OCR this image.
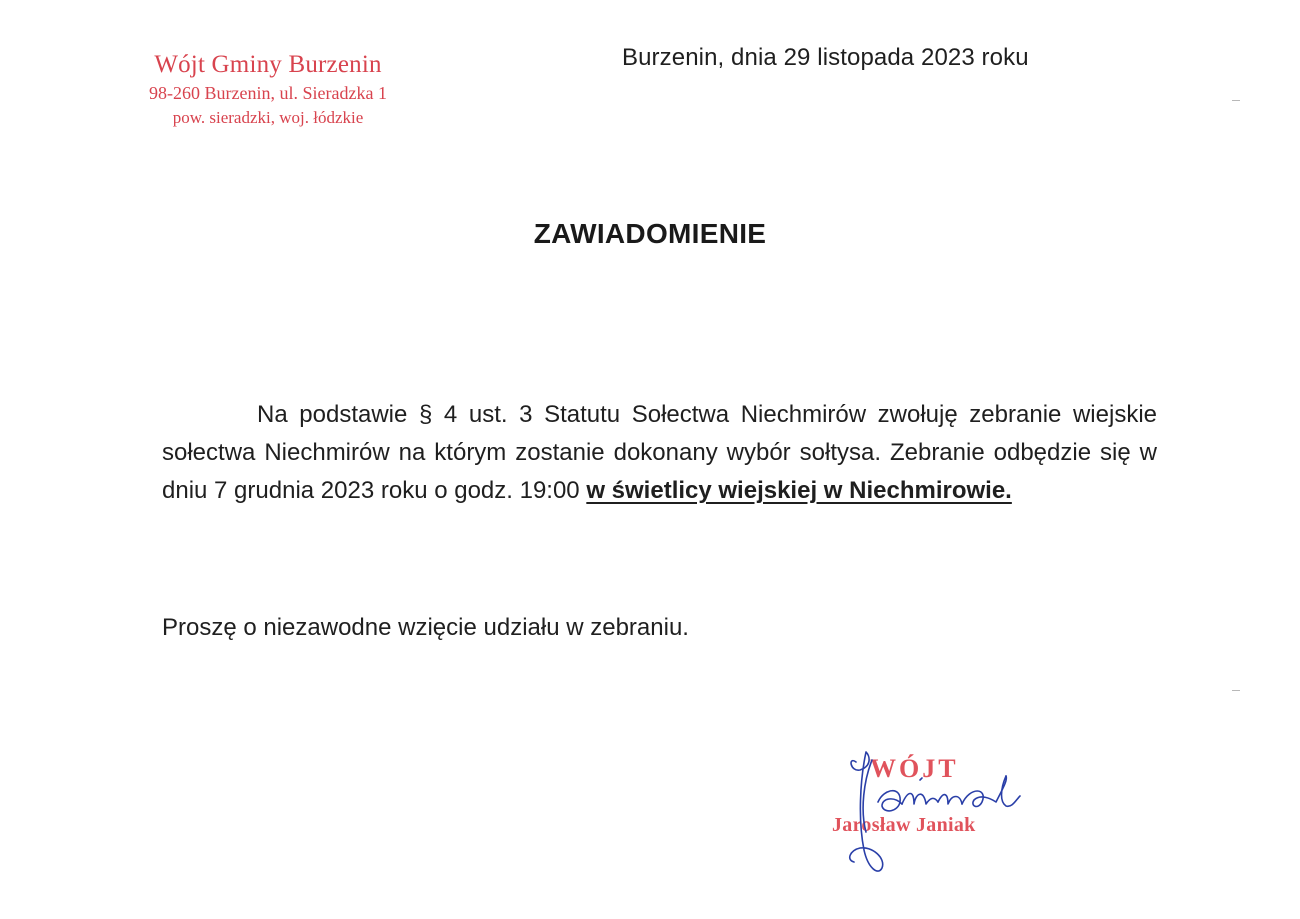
Wójt Gminy Burzenin
98-260 Burzenin, ul. Sieradzka 1
pow. sieradzki, woj. łódzkie
Burzenin, dnia 29 listopada 2023 roku
ZAWIADOMIENIE
Na podstawie § 4 ust. 3 Statutu Sołectwa Niechmirów zwołuję zebranie wiejskie sołectwa Niechmirów na którym zostanie dokonany wybór sołtysa. Zebranie odbędzie się w dniu 7 grudnia 2023 roku o godz. 19:00 w świetlicy wiejskiej w Niechmirowie.
Proszę o niezawodne wzięcie udziału w zebraniu.
WÓJT
Jarosław Janiak
